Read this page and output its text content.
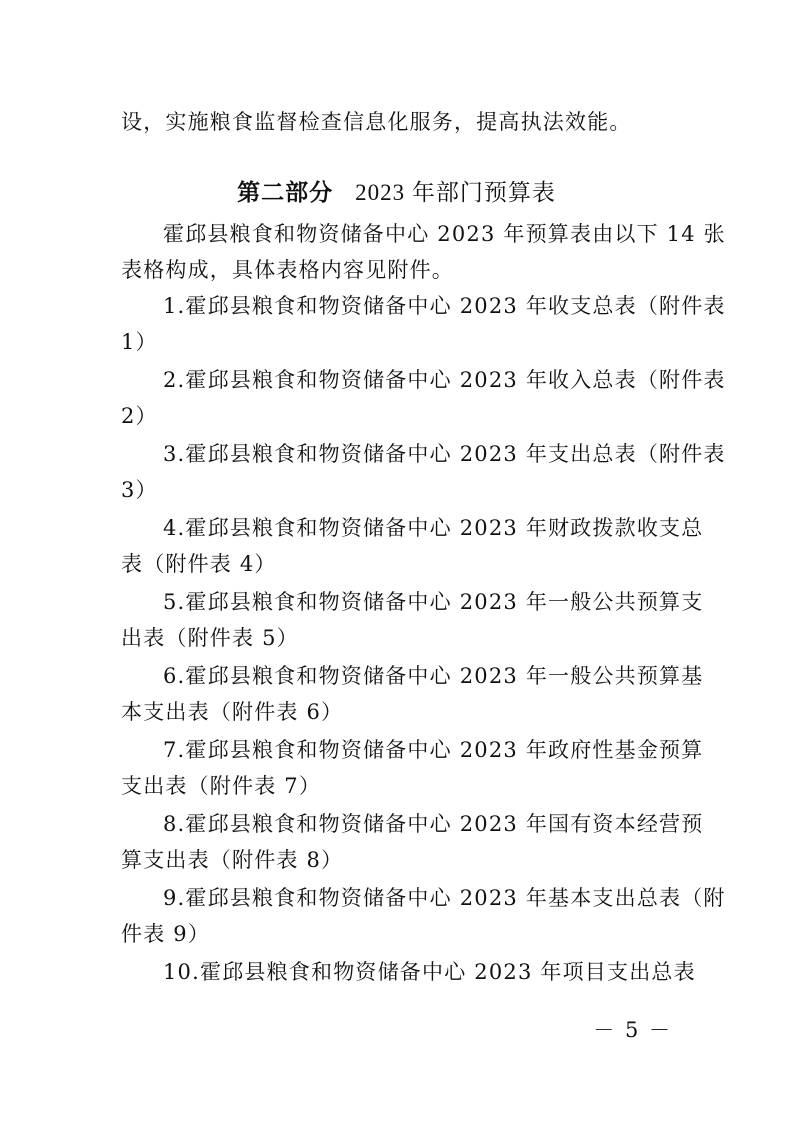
设，实施粮食监督检查信息化服务，提高执法效能。
第二部分 2023 年部门预算表
霍邱县粮食和物资储备中心 2023 年预算表由以下 14 张
表格构成，具体表格内容见附件。
1.霍邱县粮食和物资储备中心 2023 年收支总表（附件表
1）
2.霍邱县粮食和物资储备中心 2023 年收入总表（附件表
2）
3.霍邱县粮食和物资储备中心 2023 年支出总表（附件表
3）
4.霍邱县粮食和物资储备中心 2023 年财政拨款收支总
表（附件表 4）
5.霍邱县粮食和物资储备中心 2023 年一般公共预算支
出表（附件表 5）
6.霍邱县粮食和物资储备中心 2023 年一般公共预算基
本支出表（附件表 6）
7.霍邱县粮食和物资储备中心 2023 年政府性基金预算
支出表（附件表 7）
8.霍邱县粮食和物资储备中心 2023 年国有资本经营预
算支出表（附件表 8）
9.霍邱县粮食和物资储备中心 2023 年基本支出总表（附
件表 9）
10.霍邱县粮食和物资储备中心 2023 年项目支出总表
－ 5 －
